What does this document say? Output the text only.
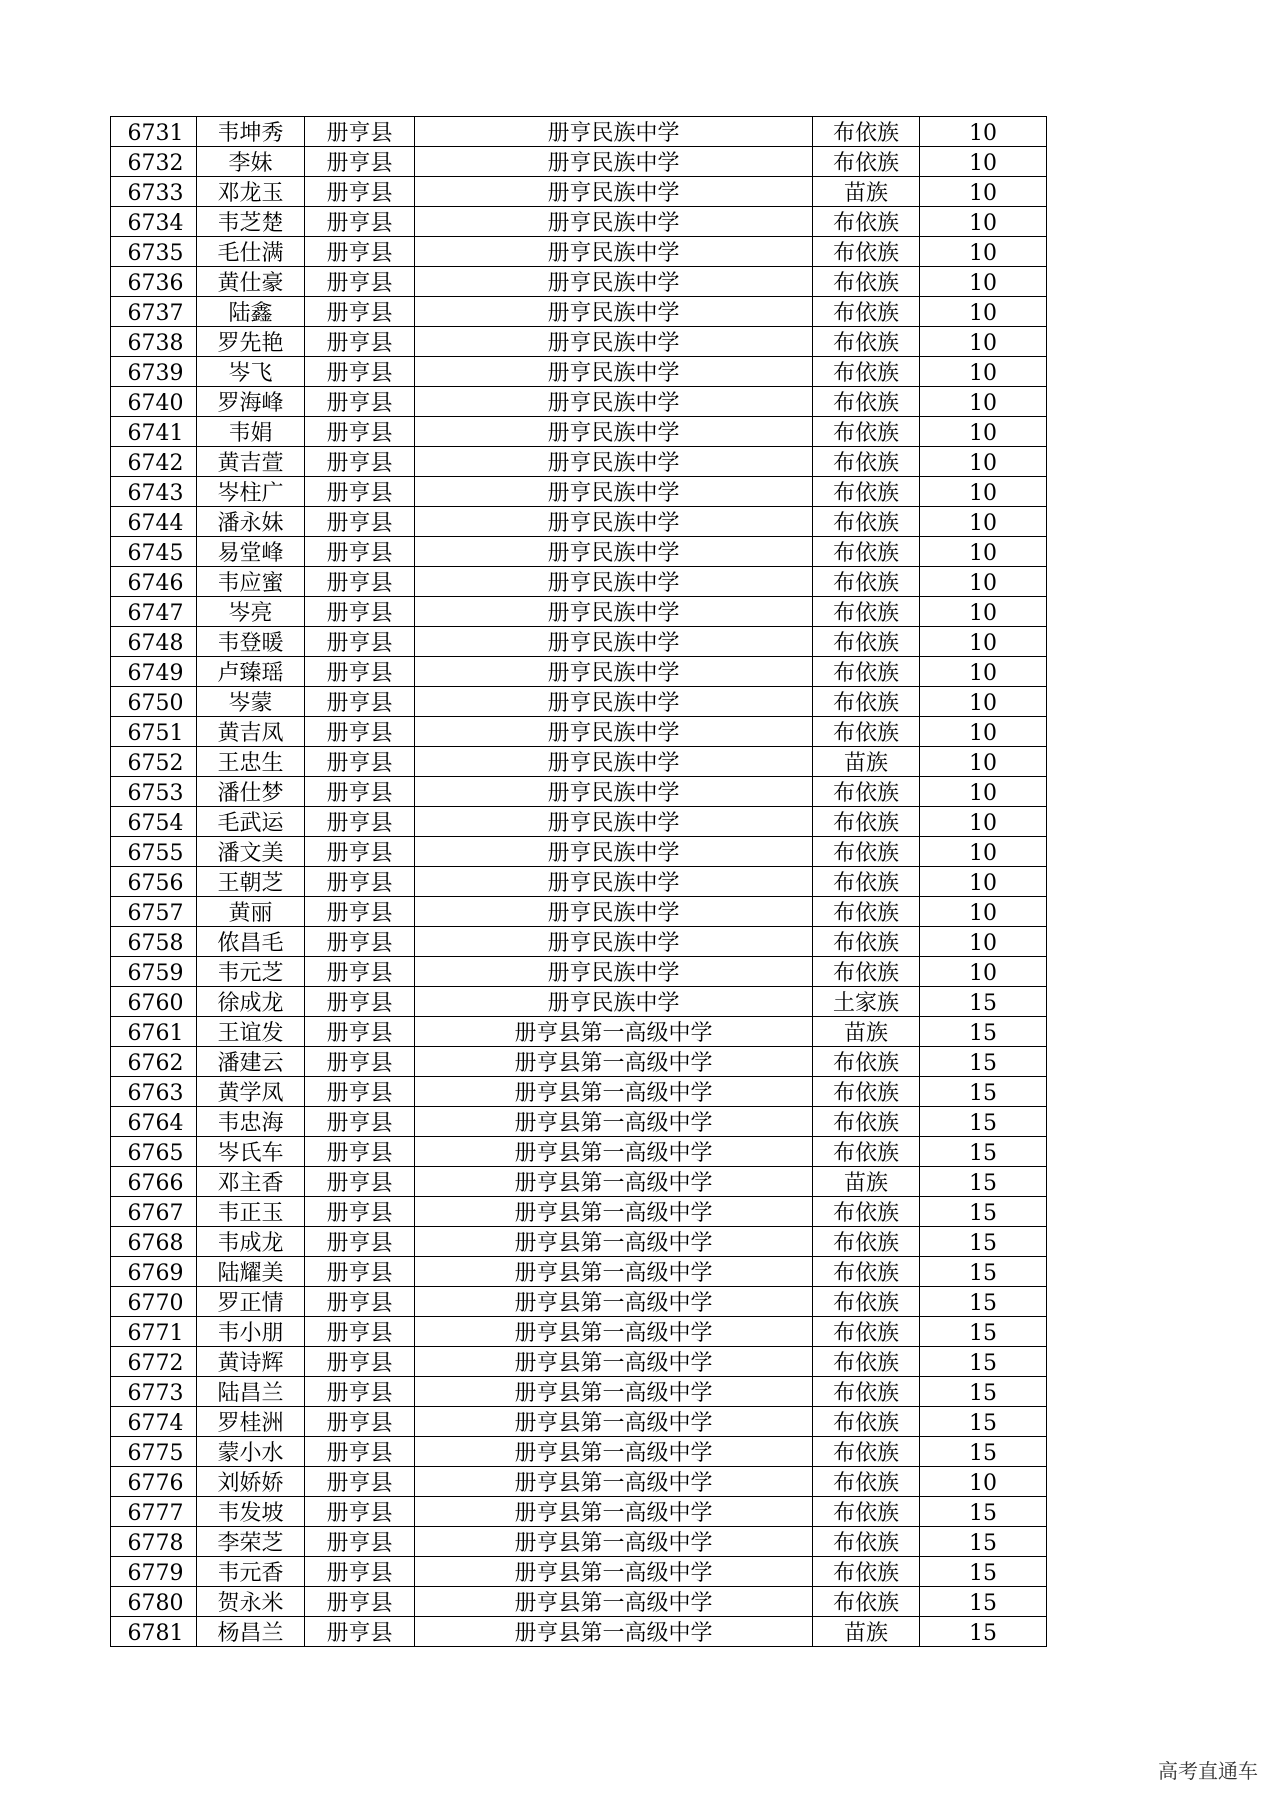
6731	韦坤秀	册亨县	册亨民族中学	布依族	10
6732	李妹	册亨县	册亨民族中学	布依族	10
6733	邓龙玉	册亨县	册亨民族中学	苗族	10
6734	韦芝楚	册亨县	册亨民族中学	布依族	10
6735	毛仕满	册亨县	册亨民族中学	布依族	10
6736	黄仕豪	册亨县	册亨民族中学	布依族	10
6737	陆鑫	册亨县	册亨民族中学	布依族	10
6738	罗先艳	册亨县	册亨民族中学	布依族	10
6739	岑飞	册亨县	册亨民族中学	布依族	10
6740	罗海峰	册亨县	册亨民族中学	布依族	10
6741	韦娟	册亨县	册亨民族中学	布依族	10
6742	黄吉萱	册亨县	册亨民族中学	布依族	10
6743	岑柱广	册亨县	册亨民族中学	布依族	10
6744	潘永妹	册亨县	册亨民族中学	布依族	10
6745	易堂峰	册亨县	册亨民族中学	布依族	10
6746	韦应蜜	册亨县	册亨民族中学	布依族	10
6747	岑亮	册亨县	册亨民族中学	布依族	10
6748	韦登暖	册亨县	册亨民族中学	布依族	10
6749	卢臻瑶	册亨县	册亨民族中学	布依族	10
6750	岑蒙	册亨县	册亨民族中学	布依族	10
6751	黄吉凤	册亨县	册亨民族中学	布依族	10
6752	王忠生	册亨县	册亨民族中学	苗族	10
6753	潘仕梦	册亨县	册亨民族中学	布依族	10
6754	毛武运	册亨县	册亨民族中学	布依族	10
6755	潘文美	册亨县	册亨民族中学	布依族	10
6756	王朝芝	册亨县	册亨民族中学	布依族	10
6757	黄丽	册亨县	册亨民族中学	布依族	10
6758	侬昌毛	册亨县	册亨民族中学	布依族	10
6759	韦元芝	册亨县	册亨民族中学	布依族	10
6760	徐成龙	册亨县	册亨民族中学	土家族	15
6761	王谊发	册亨县	册亨县第一高级中学	苗族	15
6762	潘建云	册亨县	册亨县第一高级中学	布依族	15
6763	黄学凤	册亨县	册亨县第一高级中学	布依族	15
6764	韦忠海	册亨县	册亨县第一高级中学	布依族	15
6765	岑氏车	册亨县	册亨县第一高级中学	布依族	15
6766	邓主香	册亨县	册亨县第一高级中学	苗族	15
6767	韦正玉	册亨县	册亨县第一高级中学	布依族	15
6768	韦成龙	册亨县	册亨县第一高级中学	布依族	15
6769	陆耀美	册亨县	册亨县第一高级中学	布依族	15
6770	罗正情	册亨县	册亨县第一高级中学	布依族	15
6771	韦小朋	册亨县	册亨县第一高级中学	布依族	15
6772	黄诗辉	册亨县	册亨县第一高级中学	布依族	15
6773	陆昌兰	册亨县	册亨县第一高级中学	布依族	15
6774	罗桂洲	册亨县	册亨县第一高级中学	布依族	15
6775	蒙小水	册亨县	册亨县第一高级中学	布依族	15
6776	刘娇娇	册亨县	册亨县第一高级中学	布依族	10
6777	韦发坡	册亨县	册亨县第一高级中学	布依族	15
6778	李荣芝	册亨县	册亨县第一高级中学	布依族	15
6779	韦元香	册亨县	册亨县第一高级中学	布依族	15
6780	贺永米	册亨县	册亨县第一高级中学	布依族	15
6781	杨昌兰	册亨县	册亨县第一高级中学	苗族	15
高考直通车
